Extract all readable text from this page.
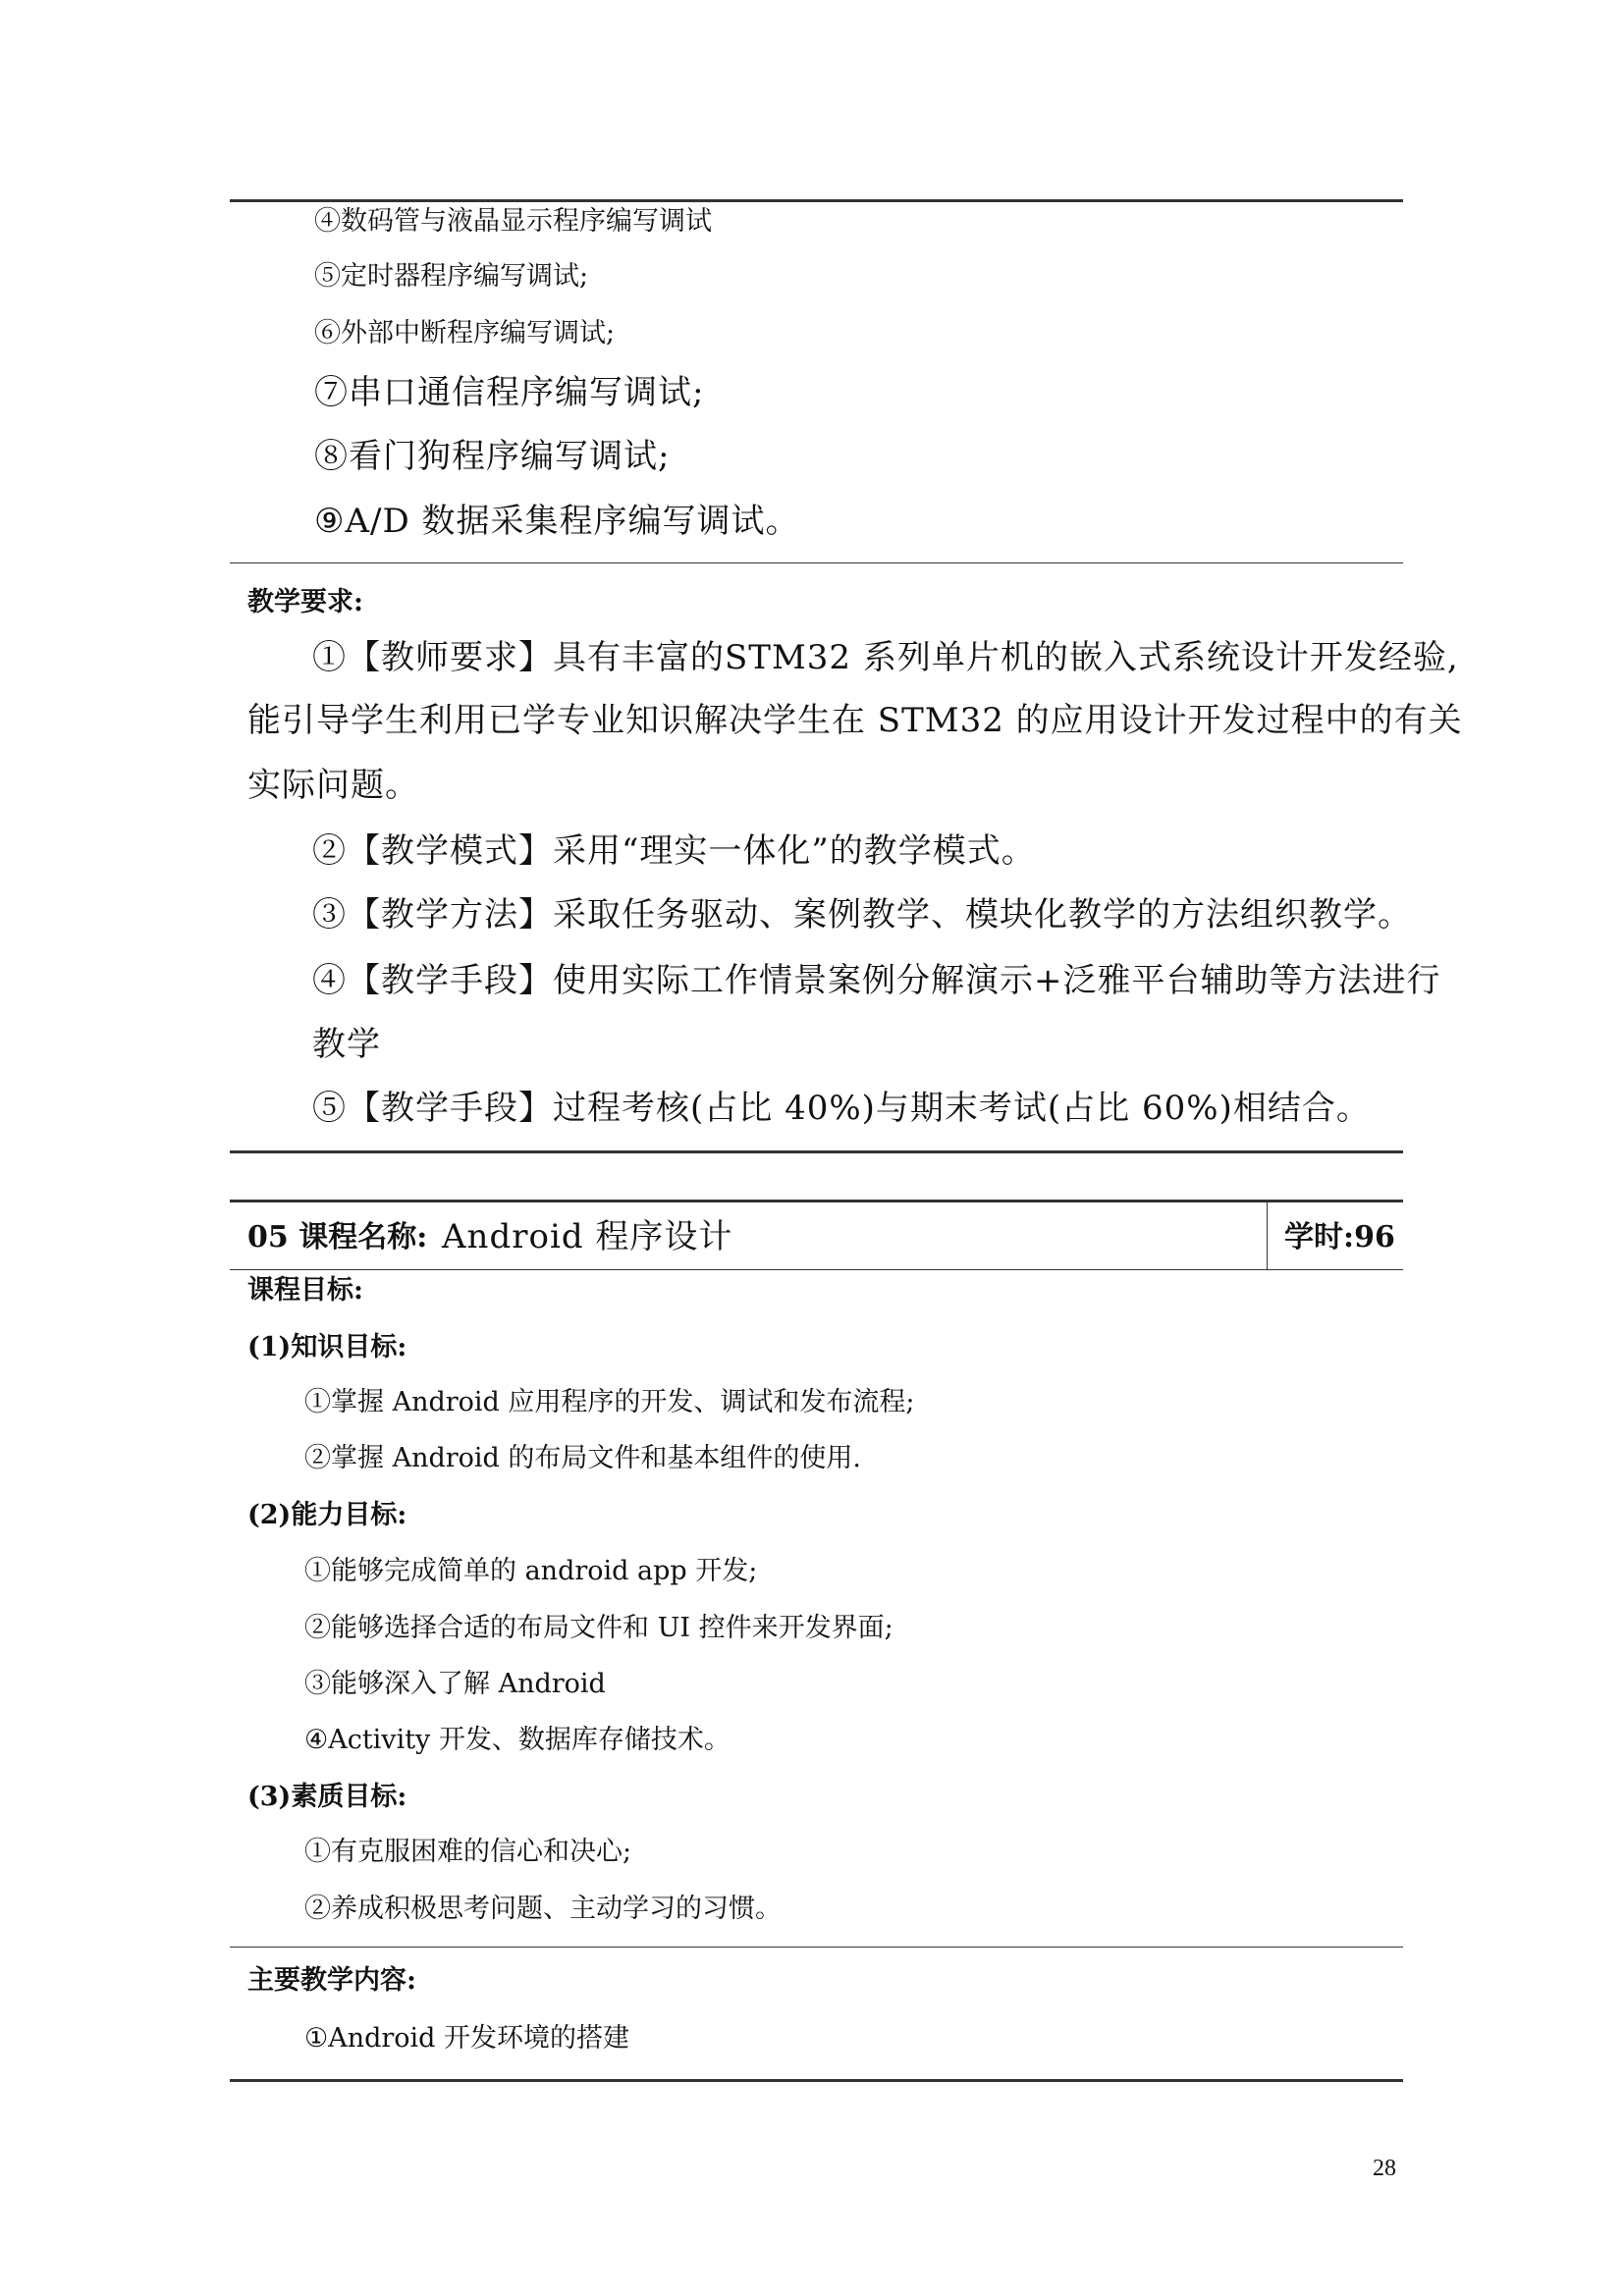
④数码管与液晶显示程序编写调试
⑤定时器程序编写调试;
⑥外部中断程序编写调试;
⑦串口通信程序编写调试;
⑧看门狗程序编写调试;
⑨A/D 数据采集程序编写调试。
教学要求:
①【教师要求】具有丰富的STM32 系列单片机的嵌入式系统设计开发经验,
能引导学生利用已学专业知识解决学生在 STM32 的应用设计开发过程中的有关
实际问题。
②【教学模式】采用“理实一体化”的教学模式。
③【教学方法】采取任务驱动、案例教学、模块化教学的方法组织教学。
④【教学手段】使用实际工作情景案例分解演示+泛雅平台辅助等方法进行
教学
⑤【教学手段】过程考核(占比 40%)与期末考试(占比 60%)相结合。
05 课程名称: Android 程序设计	学时:96
课程目标:
(1)知识目标:
①掌握 Android 应用程序的开发、调试和发布流程;
②掌握 Android 的布局文件和基本组件的使用.
(2)能力目标:
①能够完成简单的 android app 开发;
②能够选择合适的布局文件和 UI 控件来开发界面;
③能够深入了解 Android
④Activity 开发、数据库存储技术。
(3)素质目标:
①有克服困难的信心和决心;
②养成积极思考问题、主动学习的习惯。
主要教学内容:
①Android 开发环境的搭建
28
